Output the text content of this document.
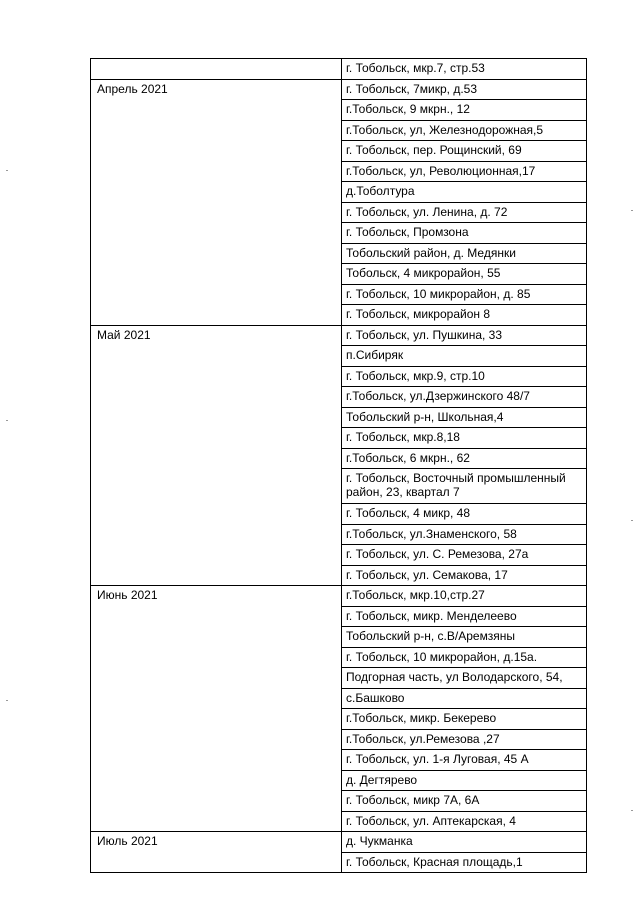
	г. Тобольск, мкр.7, стр.53
Апрель 2021	г. Тобольск, 7микр, д.53
	г.Тобольск, 9 мкрн., 12
	г.Тобольск, ул, Железнодорожная,5
	г. Тобольск, пер. Рощинский, 69
	г.Тобольск, ул, Революционная,17
	д.Тоболтура
	г. Тобольск, ул. Ленина, д. 72
	г. Тобольск, Промзона
	Тобольский район, д. Медянки
	Тобольск, 4 микрорайон, 55
	г. Тобольск, 10 микрорайон, д. 85
	г. Тобольск, микрорайон 8
Май 2021	г. Тобольск, ул. Пушкина, 33
	п.Сибиряк
	г. Тобольск, мкр.9, стр.10
	г.Тобольск, ул.Дзержинского 48/7
	Тобольский р-н, Школьная,4
	г. Тобольск, мкр.8,18
	г.Тобольск, 6 мкрн., 62
	г. Тобольск, Восточный промышленный район, 23, квартал 7
	г. Тобольск, 4 микр, 48
	г.Тобольск, ул.Знаменского, 58
	г. Тобольск, ул. С. Ремезова, 27а
	г. Тобольск, ул. Семакова, 17
Июнь 2021	г.Тобольск, мкр.10,стр.27
	г. Тобольск, микр. Менделеево
	Тобольский р-н, с.В/Аремзяны
	г. Тобольск, 10 микрорайон, д.15а.
	Подгорная часть, ул Володарского, 54,
	с.Башково
	г.Тобольск, микр. Бекерево
	г.Тобольск, ул.Ремезова ,27
	г. Тобольск, ул. 1-я Луговая, 45 А
	д. Дегтярево
	г. Тобольск, микр 7А, 6А
	г. Тобольск, ул. Аптекарская, 4
Июль 2021	д. Чукманка
	г. Тобольск, Красная площадь,1
